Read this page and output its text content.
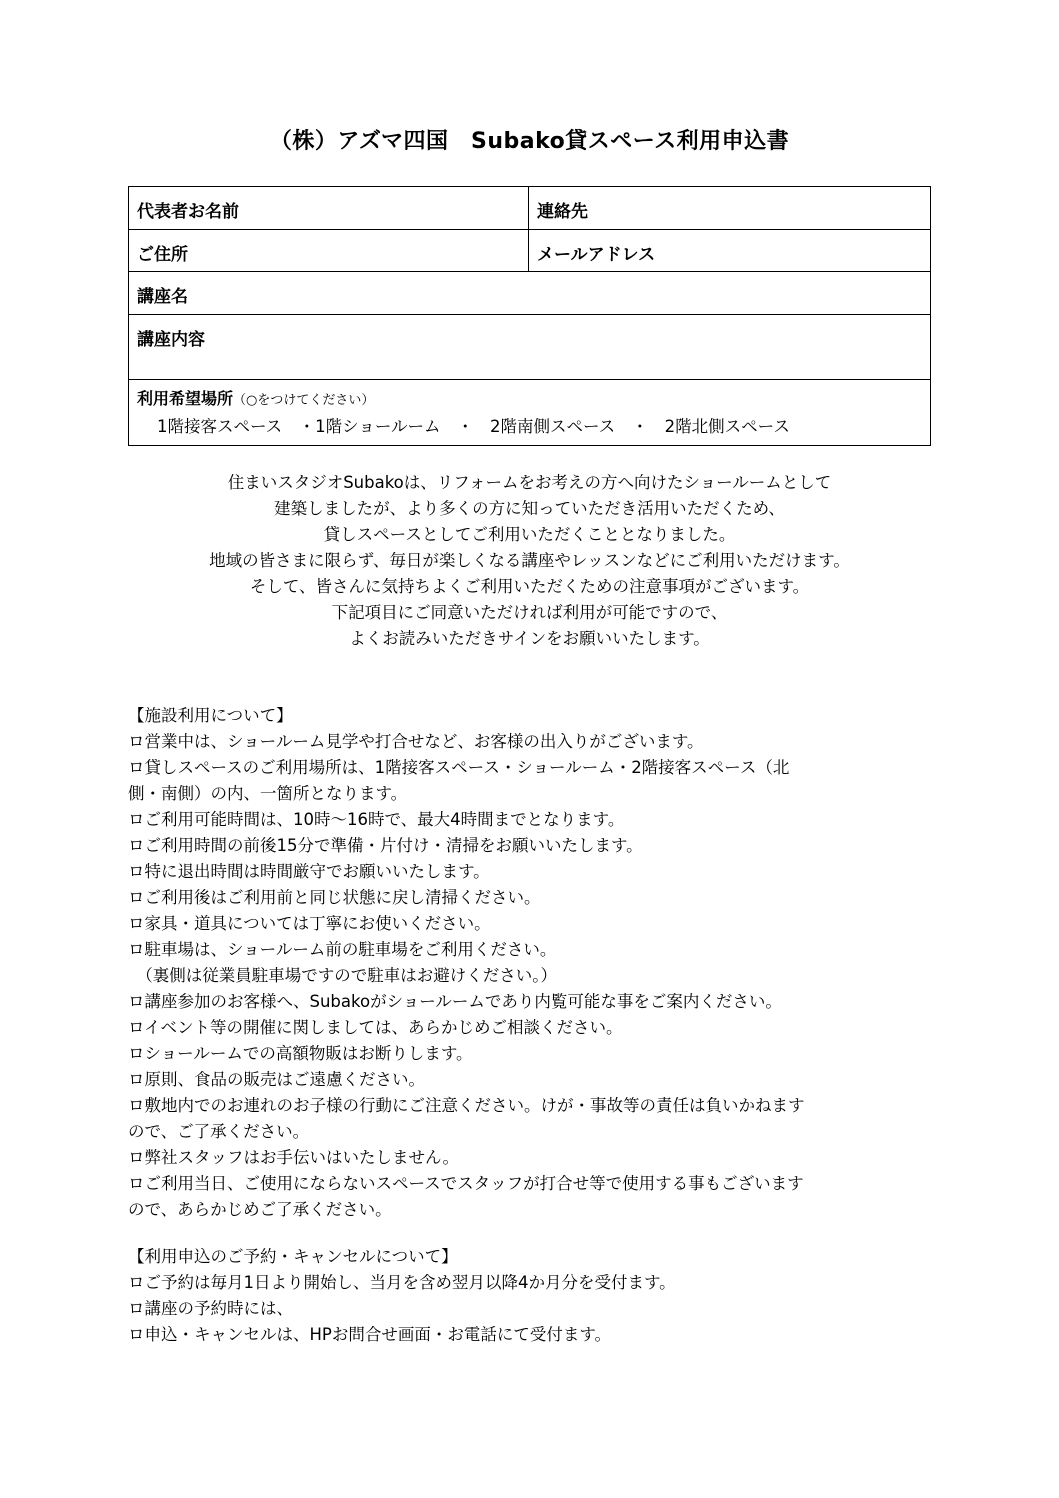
（株）アズマ四国　Subako貸スペース利用申込書
代表者お名前	連絡先
ご住所	メールアドレス
講座名	
講座内容	

利用希望場所（○をつけてください）
1階接客スペース　・1階ショールーム　・　2階南側スペース　・　2階北側スペース	
住まいスタジオSubakoは、リフォームをお考えの方へ向けたショールームとして
建築しましたが、より多くの方に知っていただき活用いただくため、
貸しスペースとしてご利用いただくこととなりました。
地域の皆さまに限らず、毎日が楽しくなる講座やレッスンなどにご利用いただけます。
そして、皆さんに気持ちよくご利用いただくための注意事項がございます。
下記項目にご同意いただければ利用が可能ですので、
よくお読みいただきサインをお願いいたします。
【施設利用について】
ロ営業中は、ショールーム見学や打合せなど、お客様の出入りがございます。
ロ貸しスペースのご利用場所は、1階接客スペース・ショールーム・2階接客スペース（北
側・南側）の内、一箇所となります。
ロご利用可能時間は、10時～16時で、最大4時間までとなります。
ロご利用時間の前後15分で準備・片付け・清掃をお願いいたします。
ロ特に退出時間は時間厳守でお願いいたします。
ロご利用後はご利用前と同じ状態に戻し清掃ください。
ロ家具・道具については丁寧にお使いください。
ロ駐車場は、ショールーム前の駐車場をご利用ください。
　（裏側は従業員駐車場ですので駐車はお避けください。）
ロ講座参加のお客様へ、Subakoがショールームであり内覧可能な事をご案内ください。
ロイベント等の開催に関しましては、あらかじめご相談ください。
ロショールームでの高額物販はお断りします。
ロ原則、食品の販売はご遠慮ください。
ロ敷地内でのお連れのお子様の行動にご注意ください。けが・事故等の責任は負いかねます
ので、ご了承ください。
ロ弊社スタッフはお手伝いはいたしません。
ロご利用当日、ご使用にならないスペースでスタッフが打合せ等で使用する事もございます
ので、あらかじめご了承ください。
【利用申込のご予約・キャンセルについて】
ロご予約は毎月1日より開始し、当月を含め翌月以降4か月分を受付ます。
ロ講座の予約時には、
ロ申込・キャンセルは、HPお問合せ画面・お電話にて受付ます。
